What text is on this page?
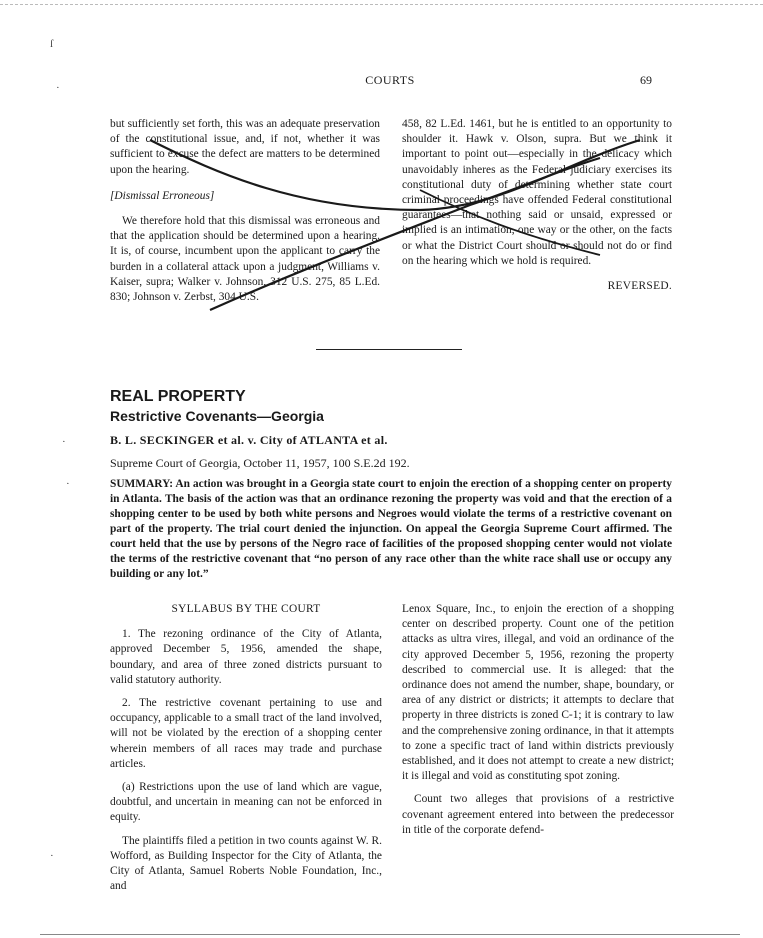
COURTS	69

but sufficiently set forth, this was an adequate preservation of the constitutional issue, and, if not, whether it was sufficient to excuse the defect are matters to be determined upon the hearing.

[Dismissal Erroneous]

We therefore hold that this dismissal was erroneous and that the application should be determined upon a hearing. It is, of course, incumbent upon the applicant to carry the burden in a collateral attack upon a judgment, Williams v. Kaiser, supra; Walker v. Johnson, 312 U.S. 275, 85 L.Ed. 830; Johnson v. Zerbst, 304 U.S.

458, 82 L.Ed. 1461, but he is entitled to an opportunity to shoulder it. Hawk v. Olson, supra. But we think it important to point out—especially in the delicacy which unavoidably inheres as the Federal judiciary exercises its constitutional duty of determining whether state court criminal proceedings have offended Federal constitutional guarantees—that nothing said or unsaid, expressed or implied is an intimation, one way or the other, on the facts or what the District Court should or should not do or find on the hearing which we hold is required.

REVERSED.

REAL PROPERTY
Restrictive Covenants—Georgia
B. L. SECKINGER et al. v. City of ATLANTA et al.
Supreme Court of Georgia, October 11, 1957, 100 S.E.2d 192.
SUMMARY: An action was brought in a Georgia state court to enjoin the erection of a shopping center on property in Atlanta. The basis of the action was that an ordinance rezoning the property was void and that the erection of a shopping center to be used by both white persons and Negroes would violate the terms of a restrictive covenant on part of the property. The trial court denied the injunction. On appeal the Georgia Supreme Court affirmed. The court held that the use by persons of the Negro race of facilities of the proposed shopping center would not violate the terms of the restrictive covenant that “no person of any race other than the white race shall use or occupy any building or any lot.”

SYLLABUS BY THE COURT

1. The rezoning ordinance of the City of Atlanta, approved December 5, 1956, amended the shape, boundary, and area of three zoned districts pursuant to valid statutory authority.

2. The restrictive covenant pertaining to use and occupancy, applicable to a small tract of the land involved, will not be violated by the erection of a shopping center wherein members of all races may trade and purchase articles.

(a) Restrictions upon the use of land which are vague, doubtful, and uncertain in meaning can not be enforced in equity.

The plaintiffs filed a petition in two counts against W. R. Wofford, as Building Inspector for the City of Atlanta, the City of Atlanta, Samuel Roberts Noble Foundation, Inc., and

Lenox Square, Inc., to enjoin the erection of a shopping center on described property. Count one of the petition attacks as ultra vires, illegal, and void an ordinance of the city approved December 5, 1956, rezoning the property described to commercial use. It is alleged: that the ordinance does not amend the number, shape, boundary, or area of any district or districts; it attempts to declare that property in three districts is zoned C-1; it is contrary to law and the comprehensive zoning ordinance, in that it attempts to zone a specific tract of land within districts previously established, and it does not attempt to create a new district; it is illegal and void as constituting spot zoning.

Count two alleges that provisions of a restrictive covenant agreement entered into between the predecessor in title of the corporate defend-

ſ
·
·
·
·
